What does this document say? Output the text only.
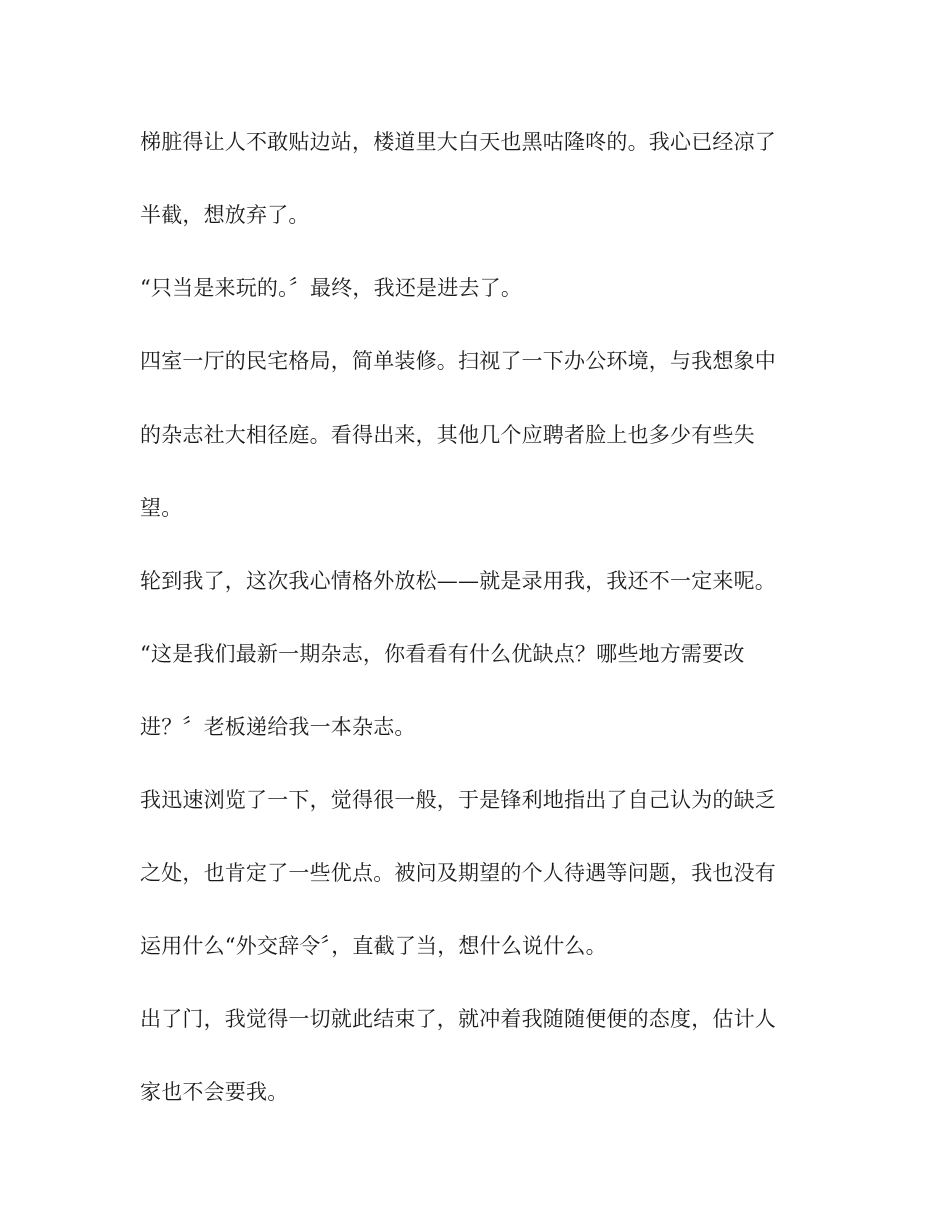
梯脏得让人不敢贴边站，楼道里大白天也黑咕隆咚的。我心已经凉了
半截，想放弃了。
“只当是来玩的。〞最终，我还是进去了。
四室一厅的民宅格局，简单装修。扫视了一下办公环境，与我想象中
的杂志社大相径庭。看得出来，其他几个应聘者脸上也多少有些失
望。
轮到我了，这次我心情格外放松——就是录用我，我还不一定来呢。
“这是我们最新一期杂志，你看看有什么优缺点？哪些地方需要改
进？〞老板递给我一本杂志。
我迅速浏览了一下，觉得很一般，于是锋利地指出了自己认为的缺乏
之处，也肯定了一些优点。被问及期望的个人待遇等问题，我也没有
运用什么“外交辞令〞，直截了当，想什么说什么。
出了门，我觉得一切就此结束了，就冲着我随随便便的态度，估计人
家也不会要我。
